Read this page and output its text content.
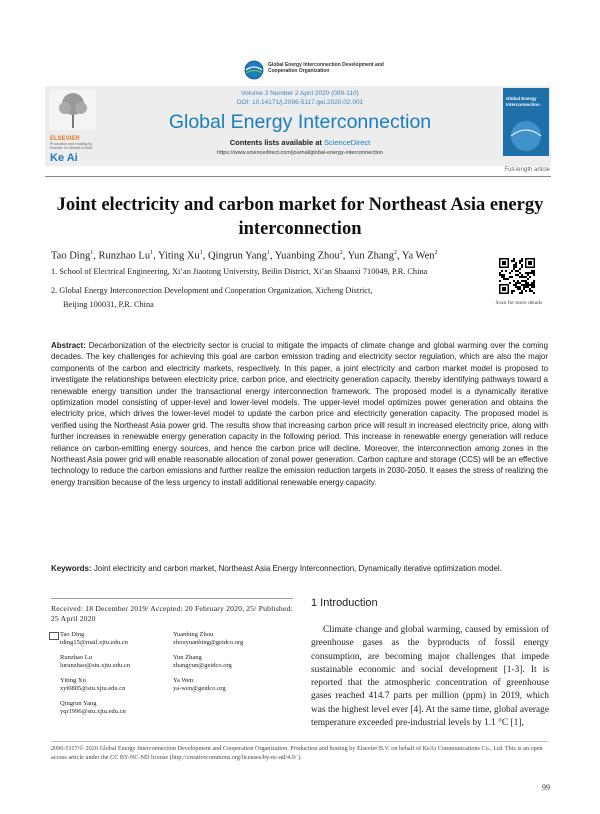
Global Energy Interconnection Development and Cooperation Organization
ELSEVIER
Production and Hosting by Elsevier On Behalf of KeAi
Ke Ai
Global Energy Interconnection
Volume 3 Number 2 April 2020 (099-110)
DOI: 10.14171/j.2096-5117.gei.2020.02.001
Global Energy Interconnection
Contents lists available at ScienceDirect
https://www.sciencedirect.com/journal/global-energy-interconnection
Full-length article
Joint electricity and carbon market for Northeast Asia energy interconnection
Tao Ding$^1$, Runzhao Lu$^1$, Yiting Xu$^1$, Qingrun Yang$^1$, Yuanbing Zhou$^2$, Yun Zhang$^2$, Ya Wen$^2$
1. School of Electrical Engineering, Xi’an Jiaotong University, Beilin District, Xi’an Shaanxi 710049, P.R. China
2. Global Energy Interconnection Development and Cooperation Organization, Xicheng District,
Beijing 100031, P.R. China	Scan for more details
Abstract: Decarbonization of the electricity sector is crucial to mitigate the impacts of climate change and global warming over the coming decades. The key challenges for achieving this goal are carbon emission trading and electricity sector regulation, which are also the major components of the carbon and electricity markets, respectively. In this paper, a joint electricity and carbon market model is proposed to investigate the relationships between electricity price, carbon price, and electricity generation capacity, thereby identifying pathways toward a renewable energy transition under the transactional energy interconnection framework. The proposed model is a dynamically iterative optimization model consisting of upper-level and lower-level models. The upper-level model optimizes power generation and obtains the electricity price, which drives the lower-level model to update the carbon price and electricity generation capacity. The proposed model is verified using the Northeast Asia power grid. The results show that increasing carbon price will result in increased electricity price, along with further increases in renewable energy generation capacity in the following period. This increase in renewable energy generation will reduce reliance on carbon-emitting energy sources, and hence the carbon price will decline. Moreover, the interconnection among zones in the Northeast Asia power grid will enable reasonable allocation of zonal power generation. Carbon capture and storage (CCS) will be an effective technology to reduce the carbon emissions and further realize the emission reduction targets in 2030-2050. It eases the stress of realizing the energy transition because of the less urgency to install additional renewable energy capacity.
Keywords: Joint electricity and carbon market, Northeast Asia Energy Interconnection, Dynamically iterative optimization model.
Received: 18 December 2019/ Accepted: 20 February 2020, 25/ Published: 25 April 2020
Tao Ding
tding15@mail.xjtu.edu.cn
Yuanbing Zhou
zhouyuanbing@geidco.org
Runzhao Lu
lurunzhao@stu.xjtu.edu.cn
Yun Zhang
zhangyun@geidco.org
Yiting Xu
xyt0805@stu.xjtu.edu.cn
Ya Wen
ya-wen@geidco.org
Qingrun Yang
yqr1996@stu.xjtu.edu.cn
1 Introduction
Climate change and global warming, caused by emission of greenhouse gases as the byproducts of fossil energy consumption, are becoming major challenges that impede sustainable economic and social development [1-3]. It is reported that the atmospheric concentration of greenhouse gases reached 414.7 parts per million (ppm) in 2019, which was the highest level ever [4]. At the same time, global average temperature exceeded pre-industrial levels by 1.1 °C [1],
2096-5117/© 2020 Global Energy Interconnection Development and Cooperation Organization. Production and hosting by Elsevier B.V. on behalf of KeAi Communications Co., Ltd. This is an open access article under the CC BY-NC-ND license (http://creativecommons.org/licenses/by-nc-nd/4.0/ ).
99
